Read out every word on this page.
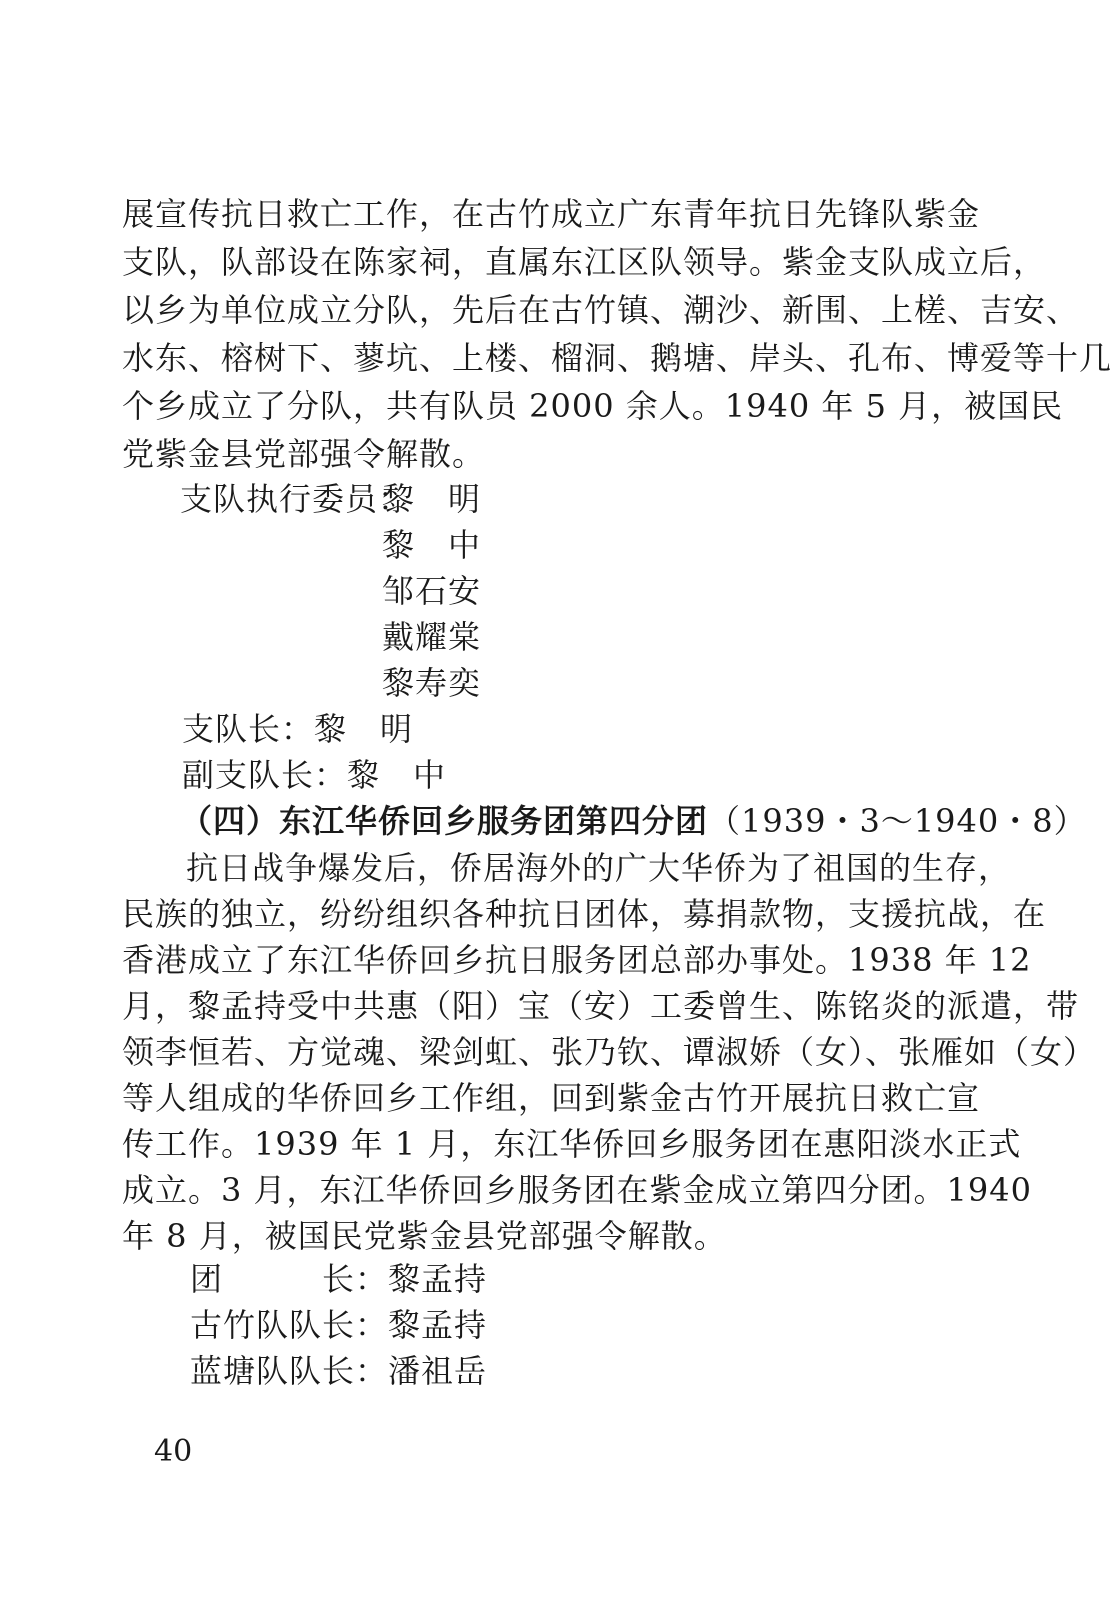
展宣传抗日救亡工作，在古竹成立广东青年抗日先锋队紫金
支队，队部设在陈家祠，直属东江区队领导。紫金支队成立后，
以乡为单位成立分队，先后在古竹镇、潮沙、新围、上槎、吉安、
水东、榕树下、蓼坑、上楼、榴洞、鹅塘、岸头、孔布、博爱等十几
个乡成立了分队，共有队员 2000 余人。1940 年 5 月，被国民
党紫金县党部强令解散。
支队执行委员：
黎　明
黎　中
邹石安
戴耀棠
黎寿奕
支队长：黎　明
副支队长：黎　中
（四）东江华侨回乡服务团第四分团（1939・3～1940・8）
抗日战争爆发后，侨居海外的广大华侨为了祖国的生存，
民族的独立，纷纷组织各种抗日团体，募捐款物，支援抗战，在
香港成立了东江华侨回乡抗日服务团总部办事处。1938 年 12
月，黎孟持受中共惠（阳）宝（安）工委曾生、陈铭炎的派遣，带
领李恒若、方觉魂、梁剑虹、张乃钦、谭淑娇（女）、张雁如（女）
等人组成的华侨回乡工作组，回到紫金古竹开展抗日救亡宣
传工作。1939 年 1 月，东江华侨回乡服务团在惠阳淡水正式
成立。3 月，东江华侨回乡服务团在紫金成立第四分团。1940
年 8 月，被国民党紫金县党部强令解散。
团　　　长：黎孟持
古竹队队长：黎孟持
蓝塘队队长：潘祖岳
40
